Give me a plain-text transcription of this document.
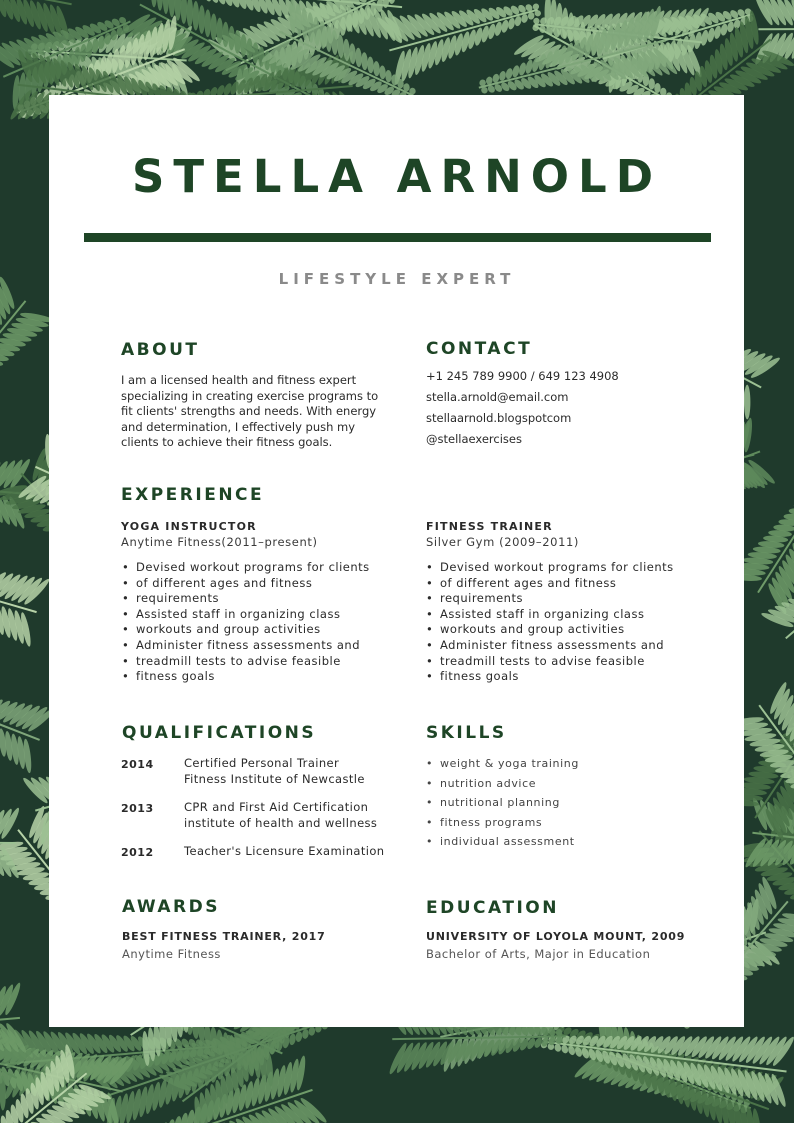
STELLA ARNOLD
LIFESTYLE EXPERT
ABOUT
I am a licensed health and fitness expert
specializing in creating exercise programs to
fit clients' strengths and needs. With energy
and determination, I effectively push my
clients to achieve their fitness goals.
CONTACT
+1 245 789 9900 / 649 123 4908
stella.arnold@email.com
stellaarnold.blogspotcom
@stellaexercises
EXPERIENCE
YOGA INSTRUCTOR
Anytime Fitness(2011–present)
• Devised workout programs for clients
• of different ages and fitness
• requirements
• Assisted staff in organizing class
• workouts and group activities
• Administer fitness assessments and
• treadmill tests to advise feasible
• fitness goals
FITNESS TRAINER
Silver Gym (2009–2011)
• Devised workout programs for clients
• of different ages and fitness
• requirements
• Assisted staff in organizing class
• workouts and group activities
• Administer fitness assessments and
• treadmill tests to advise feasible
• fitness goals
QUALIFICATIONS
2014	Certified Personal Trainer
Fitness Institute of Newcastle
2013	CPR and First Aid Certification
institute of health and wellness
2012	Teacher's Licensure Examination
SKILLS
• weight & yoga training
• nutrition advice
• nutritional planning
• fitness programs
• individual assessment
AWARDS
BEST FITNESS TRAINER, 2017
Anytime Fitness
EDUCATION
UNIVERSITY OF LOYOLA MOUNT, 2009
Bachelor of Arts, Major in Education
